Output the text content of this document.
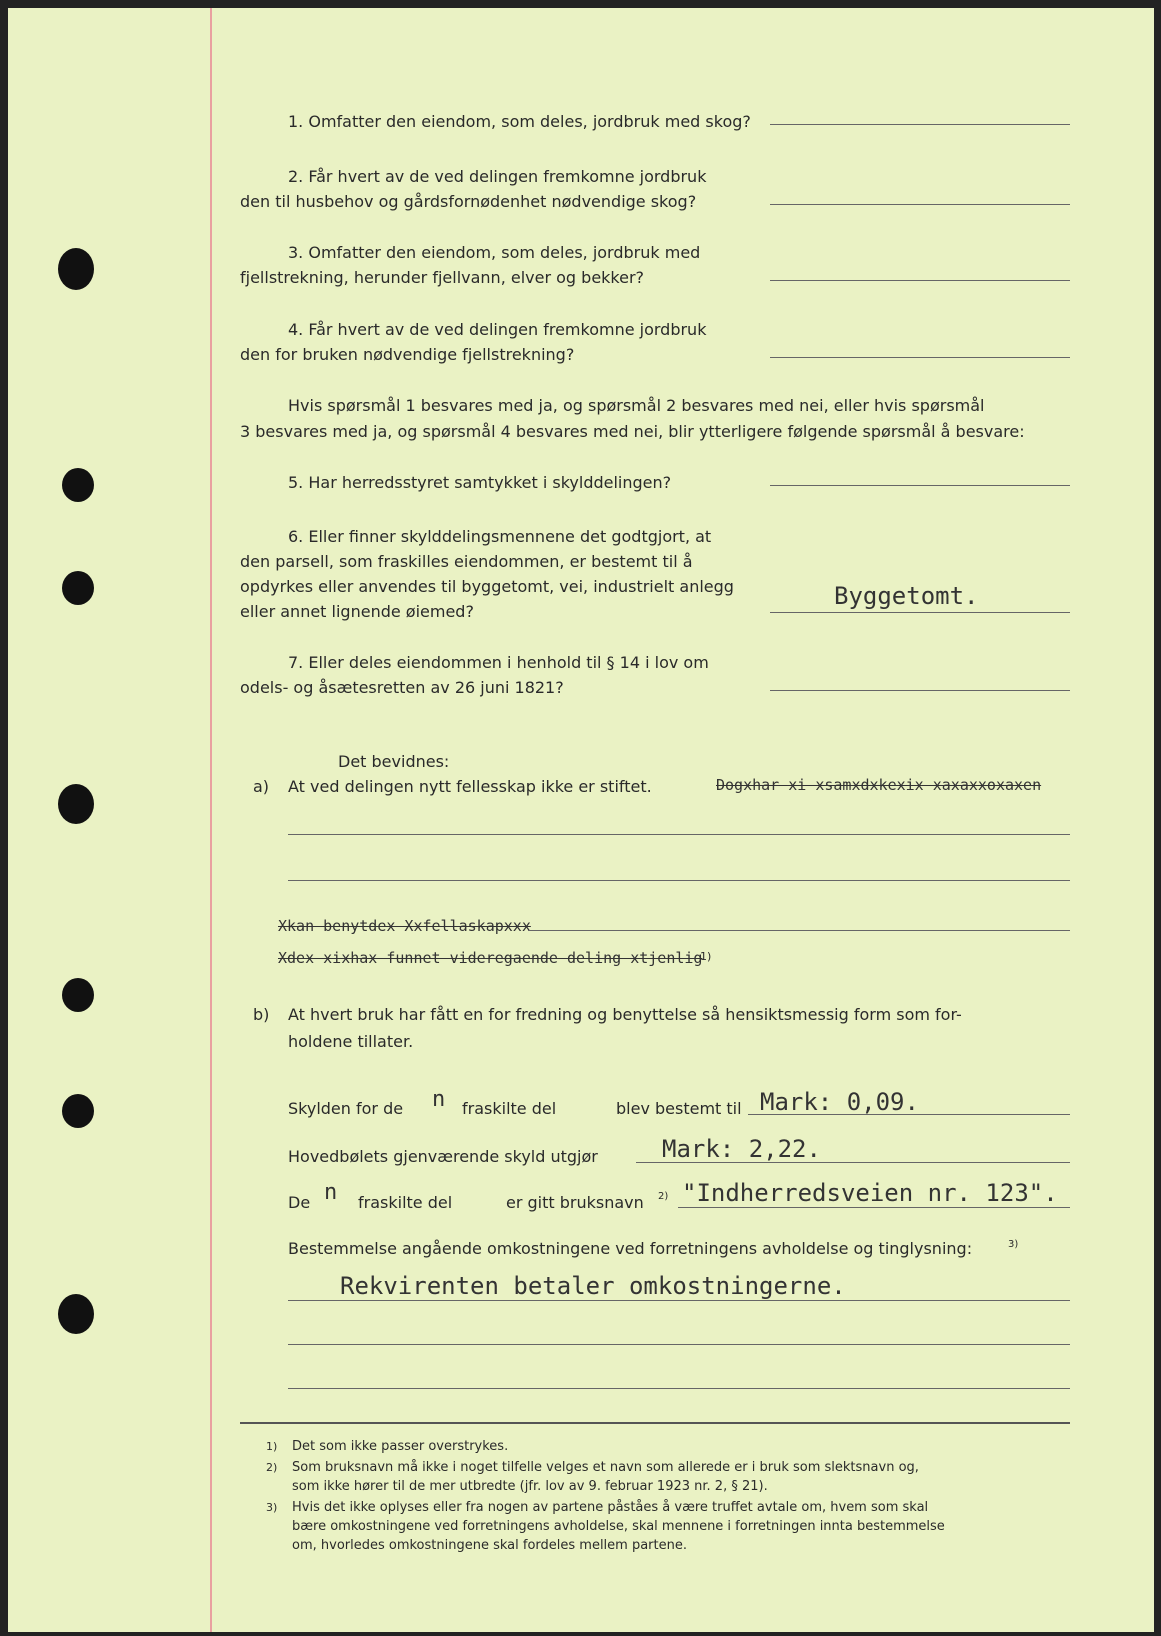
1. Omfatter den eiendom, som deles, jordbruk med skog?
2. Får hvert av de ved delingen fremkomne jordbruk
den til husbehov og gårdsfornødenhet nødvendige skog?
3. Omfatter den eiendom, som deles, jordbruk med
fjellstrekning, herunder fjellvann, elver og bekker?
4. Får hvert av de ved delingen fremkomne jordbruk
den for bruken nødvendige fjellstrekning?
Hvis spørsmål 1 besvares med ja, og spørsmål 2 besvares med nei, eller hvis spørsmål
3 besvares med ja, og spørsmål 4 besvares med nei, blir ytterligere følgende spørsmål å besvare:
5. Har herredsstyret samtykket i skylddelingen?
6. Eller finner skylddelingsmennene det godtgjort, at
den parsell, som fraskilles eiendommen, er bestemt til å
opdyrkes eller anvendes til byggetomt, vei, industrielt anlegg
eller annet lignende øiemed?
Byggetomt.
7. Eller deles eiendommen i henhold til § 14 i lov om
odels- og åsætesretten av 26 juni 1821?
Det bevidnes:
a) At ved delingen nytt fellesskap ikke er stiftet.	Dogxhar xi xsamxdxkexix xaxaxxoxaxen
Xkan benytdex Xxfellaskapxxx
Xdex xixhax funnet videregaende deling xtjenlig
1)
b) At hvert bruk har fått en for fredning og benyttelse så hensiktsmessig form som for-
holdene tillater.
Skylden for de n fraskilte del	blev bestemt til Mark: 0,09.
Hovedbølets gjenværende skyld utgjør	Mark: 2,22.
De n fraskilte del	er gitt bruksnavn 2) "Indherredsveien nr. 123".
Bestemmelse angående omkostningene ved forretningens avholdelse og tinglysning:	3)
Rekvirenten betaler omkostningerne.
1) Det som ikke passer overstrykes.
2) Som bruksnavn må ikke i noget tilfelle velges et navn som allerede er i bruk som slektsnavn og,
som ikke hører til de mer utbredte (jfr. lov av 9. februar 1923 nr. 2, § 21).
3) Hvis det ikke oplyses eller fra nogen av partene påståes å være truffet avtale om, hvem som skal
bære omkostningene ved forretningens avholdelse, skal mennene i forretningen innta bestemmelse
om, hvorledes omkostningene skal fordeles mellem partene.
